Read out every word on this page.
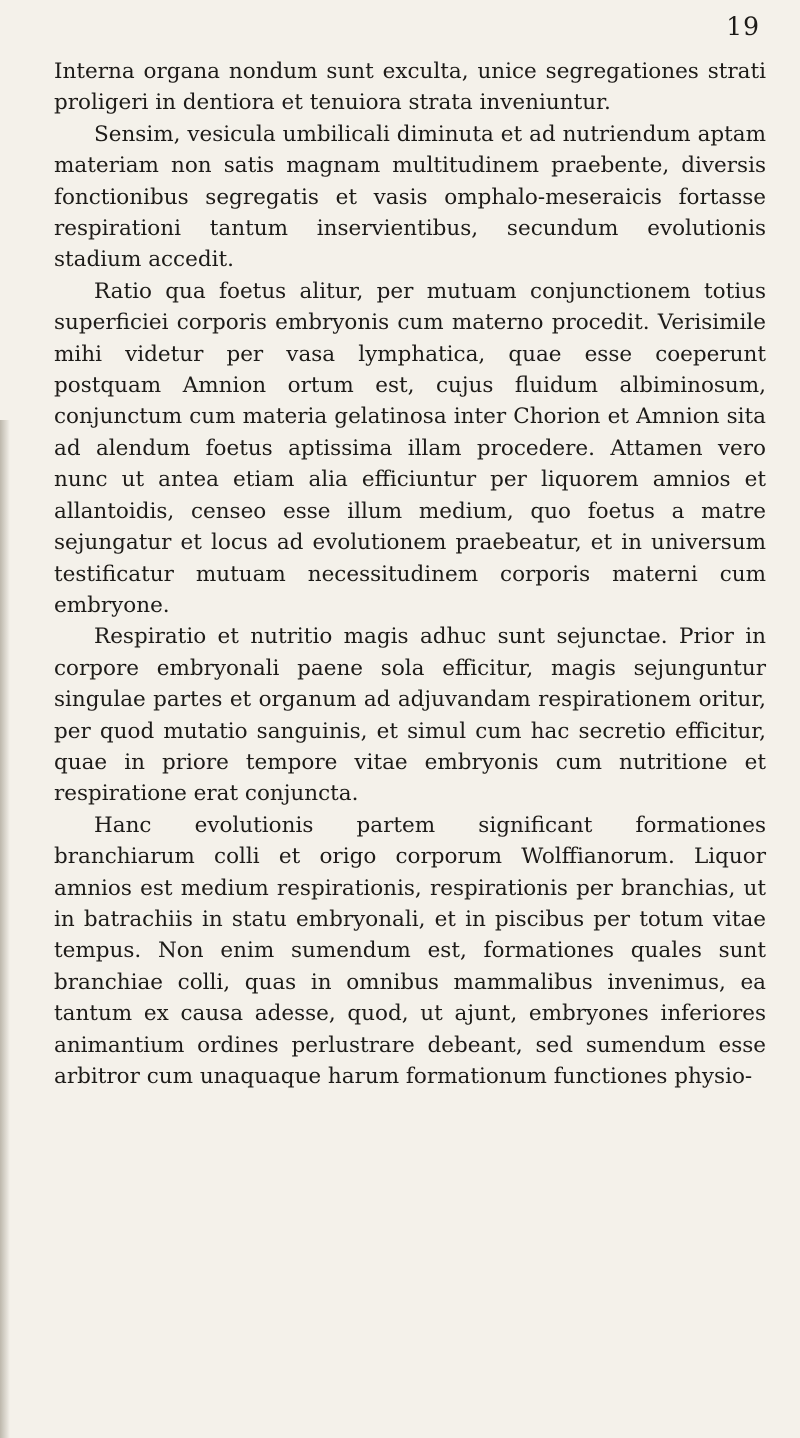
19

Interna organa nondum sunt exculta, unice segregationes strati proligeri in dentiora et tenuiora strata inveniuntur.

Sensim, vesicula umbilicali diminuta et ad nutriendum aptam materiam non satis magnam multitudinem praebente, diversis fonctionibus segregatis et vasis omphalo-meseraicis fortasse respirationi tantum inservientibus, secundum evolutionis stadium accedit.

Ratio qua foetus alitur, per mutuam conjunctionem totius superficiei corporis embryonis cum materno procedit. Verisimile mihi videtur per vasa lymphatica, quae esse coeperunt postquam Amnion ortum est, cujus fluidum albiminosum, conjunctum cum materia gelatinosa inter Chorion et Amnion sita ad alendum foetus aptissima illam procedere. Attamen vero nunc ut antea etiam alia efficiuntur per liquorem amnios et allantoidis, censeo esse illum medium, quo foetus a matre sejungatur et locus ad evolutionem praebeatur, et in universum testificatur mutuam necessitudinem corporis materni cum embryone.

Respiratio et nutritio magis adhuc sunt sejunctae. Prior in corpore embryonali paene sola efficitur, magis sejunguntur singulae partes et organum ad adjuvandam respirationem oritur, per quod mutatio sanguinis, et simul cum hac secretio efficitur, quae in priore tempore vitae embryonis cum nutritione et respiratione erat conjuncta.

Hanc evolutionis partem significant formationes branchiarum colli et origo corporum Wolffianorum. Liquor amnios est medium respirationis, respirationis per branchias, ut in batrachiis in statu embryonali, et in piscibus per totum vitae tempus. Non enim sumendum est, formationes quales sunt branchiae colli, quas in omnibus mammalibus invenimus, ea tantum ex causa adesse, quod, ut ajunt, embryones inferiores animantium ordines perlustrare debeant, sed sumendum esse arbitror cum unaquaque harum formationum functiones physio-
